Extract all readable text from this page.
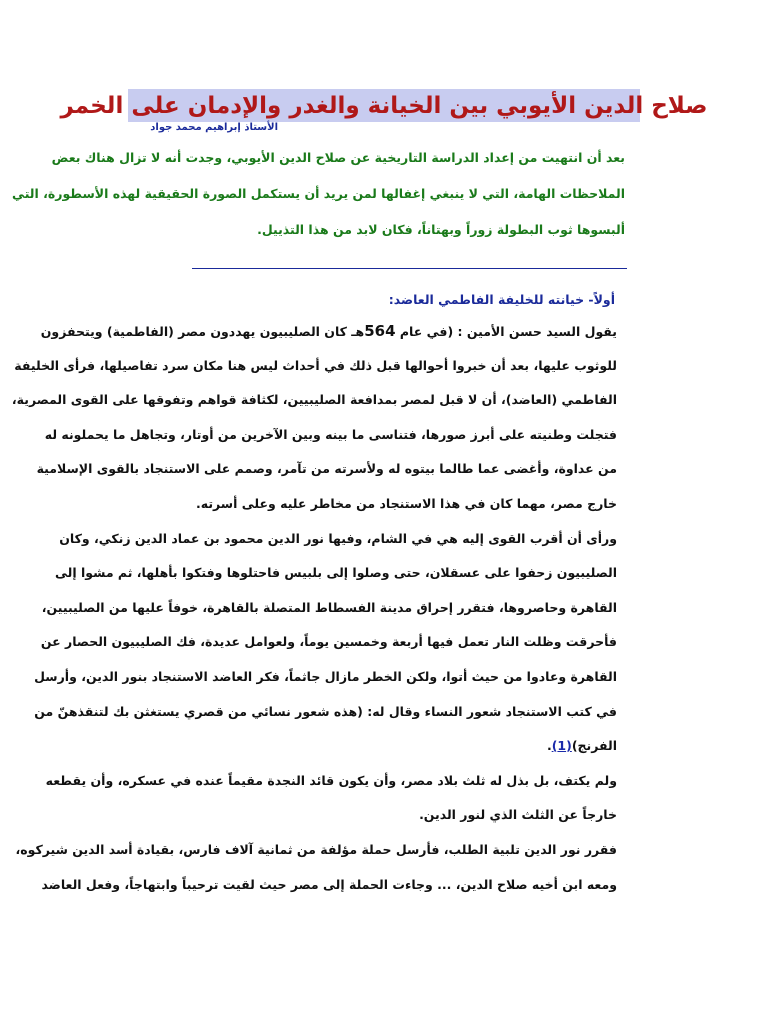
صلاح الدين الأيوبي بين الخيانة والغدر والإدمان على الخمر
الأستاذ إبراهيم محمد جواد
بعد أن انتهيت من إعداد الدراسة التاريخية عن صلاح الدين الأيوبي، وجدت أنه لا تزال هناك بعض
الملاحظات الهامة، التي لا ينبغي إغفالها لمن يريد أن يستكمل الصورة الحقيقية لهذه الأسطورة، التي
ألبسوها ثوب البطولة زوراً وبهتاناً، فكان لابد من هذا التذييل.
أولاً- خيانته للخليفة الفاطمي العاضد:
يقول السيد حسن الأمين : (في عام 564هـ كان الصليبيون يهددون مصر (الفاطمية) ويتحفزون
للوثوب عليها، بعد أن خبروا أحوالها قبل ذلك في أحداث ليس هنا مكان سرد تفاصيلها، فرأى الخليفة
الفاطمي (العاضد)، أن لا قبل لمصر بمدافعة الصليبيين، لكثافة قواهم وتفوقها على القوى المصرية،
فتجلت وطنيته على أبرز صورها، فتناسى ما بينه وبين الآخرين من أوتار، وتجاهل ما يحملونه له
من عداوة، وأغضى عما طالما بيتوه له ولأسرته من تآمر، وصمم على الاستنجاد بالقوى الإسلامية
خارج مصر، مهما كان في هذا الاستنجاد من مخاطر عليه وعلى أسرته.
ورأى أن أقرب القوى إليه هي في الشام، وفيها نور الدين محمود بن عماد الدين زنكي، وكان
الصليبيون زحفوا على عسقلان، حتى وصلوا إلى بلبيس فاحتلوها وفتكوا بأهلها، ثم مشوا إلى
القاهرة وحاصروها، فتقرر إحراق مدينة الفسطاط المتصلة بالقاهرة، خوفاً عليها من الصليبيين،
فأحرقت وظلت النار تعمل فيها أربعة وخمسين يوماً، ولعوامل عديدة، فك الصليبيون الحصار عن
القاهرة وعادوا من حيث أتوا، ولكن الخطر مازال جاثماً، فكر العاضد الاستنجاد بنور الدين، وأرسل
في كتب الاستنجاد شعور النساء وقال له: (هذه شعور نسائي من قصري يستغثن بك لتنقذهنّ من
الفرنج)(1).
ولم يكتف، بل بذل له ثلث بلاد مصر، وأن يكون قائد النجدة مقيماً عنده في عسكره، وأن يقطعه
خارجاً عن الثلث الذي لنور الدين.
فقرر نور الدين تلبية الطلب، فأرسل حملة مؤلفة من ثمانية آلاف فارس، بقيادة أسد الدين شيركوه،
ومعه ابن أخيه صلاح الدين، ... وجاءت الحملة إلى مصر حيث لقيت ترحيباً وابتهاجاً، وفعل العاضد
